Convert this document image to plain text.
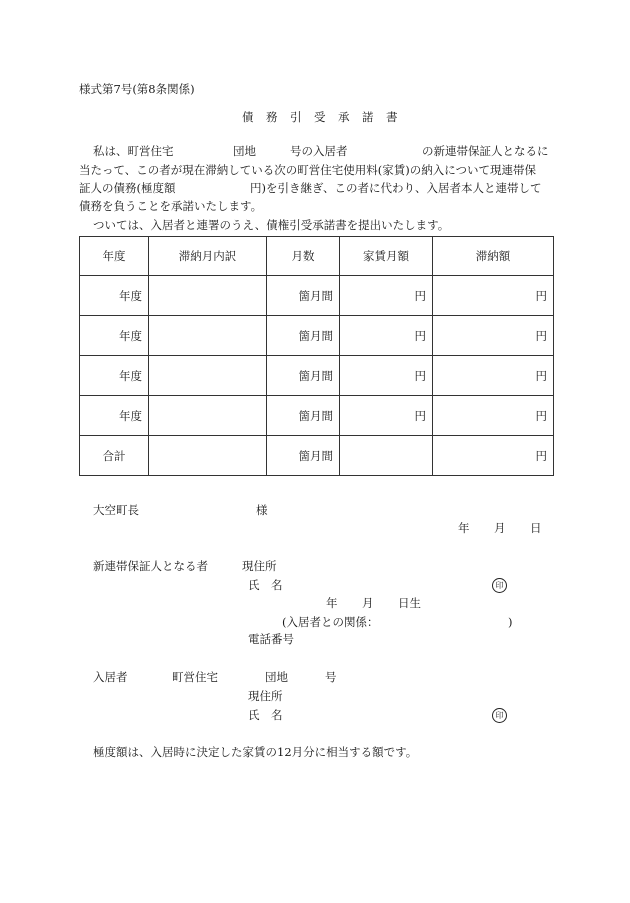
様式第7号(第8条関係)
債 務 引 受 承 諾 書
私は、町営住宅	団地	号の入居者	の新連帯保証人となるに
当たって、この者が現在滞納している次の町営住宅使用料(家賃)の納入について現連帯保
証人の債務(極度額	円)を引き継ぎ、この者に代わり、入居者本人と連帯して
債務を負うことを承諾いたします。
ついては、入居者と連署のうえ、債権引受承諾書を提出いたします。
年度	滞納月内訳	月数	家賃月額	滞納額
年度		箇月間	円	円
年度		箇月間	円	円
年度		箇月間	円	円
年度		箇月間	円	円
合計		箇月間		円
大空町長	様
年 月 日
新連帯保証人となる者	現住所
氏　名	印
年 月 日生
(入居者との関係：	)
電話番号
入居者	町営住宅	団地	号
現住所
氏　名	印
極度額は、入居時に決定した家賃の12月分に相当する額です。
